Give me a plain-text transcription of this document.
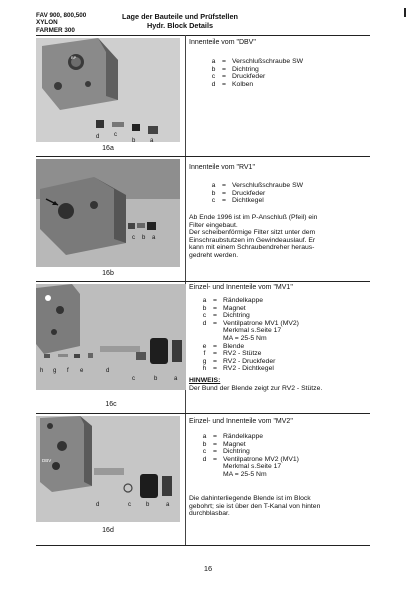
FAV 900, 800,500
XYLON
FARMER 300
Lage der Bauteile und Prüfstellen
Hydr. Block Details
BP
d c
b a
16a
Innenteile vom "DBV"
a = Verschlußschraube SW
b = Dichtring
c = Druckfeder
d = Kolben
c b a
16b
Innenteile vom "RV1"
a = Verschlußschraube SW
b = Druckfeder
c = Dichtkegel
Ab Ende 1996 ist im P-Anschluß (Pfeil) ein
Filter eingebaut.
Der scheibenförmige Filter sitzt unter dem
Einschraubstutzen im Gewindeauslauf. Er
kann mit einem Schraubendreher heraus-
gedreht werden.
h g f e	d
c	b	a
16c
Einzel- und Innenteile vom "MV1"
a = Rändelkappe
b = Magnet
c = Dichtring
d = Ventilpatrone MV1 (MV2)
Merkmal s.Seite 17
MA = 25-5 Nm
e = Blende
f	= RV2 - Stütze
g = RV2 - Druckfeder
h = RV2 - Dichtkegel
HINWEIS:
Der Bund der Blende zeigt zur RV2 - Stütze.
DBV
d	c	b	a
16d
Einzel- und Innenteile vom "MV2"
a = Rändelkappe
b = Magnet
c = Dichtring
d = Ventilpatrone MV2 (MV1)
Merkmal s.Seite 17
MA = 25-5 Nm
Die dahinterliegende Blende ist im Block
gebohrt; sie ist über den T-Kanal von hinten
durchblasbar.
16
